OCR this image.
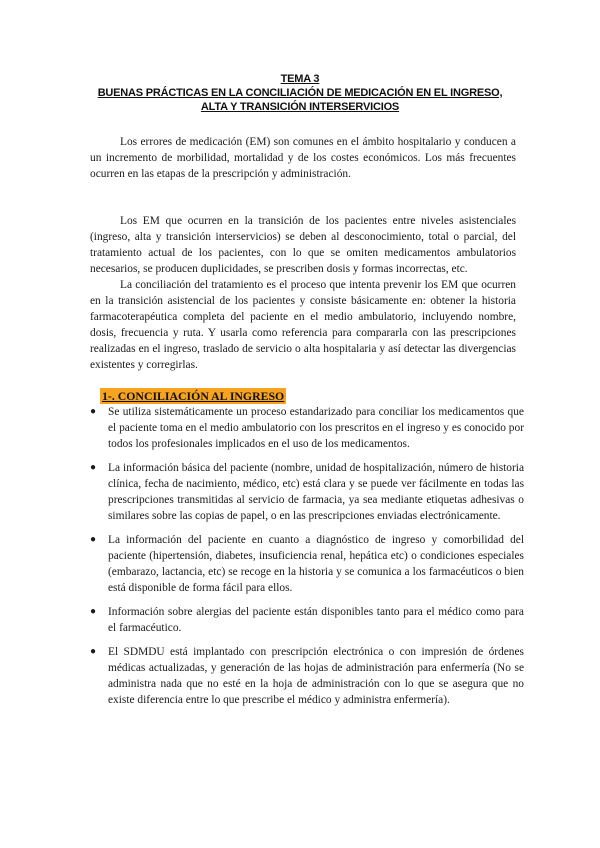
TEMA 3
BUENAS PRÁCTICAS EN LA CONCILIACIÓN DE MEDICACIÓN EN EL INGRESO, ALTA Y TRANSICIÓN INTERSERVICIOS

Los errores de medicación (EM) son comunes en el ámbito hospitalario y conducen a un incremento de morbilidad, mortalidad y de los costes económicos. Los más frecuentes ocurren en las etapas de la prescripción y administración.

Los EM que ocurren en la transición de los pacientes entre niveles asistenciales (ingreso, alta y transición interservicios) se deben al desconocimiento, total o parcial, del tratamiento actual de los pacientes, con lo que se omiten medicamentos ambulatorios necesarios, se producen duplicidades, se prescriben dosis y formas incorrectas, etc.

La conciliación del tratamiento es el proceso que intenta prevenir los EM que ocurren en la transición asistencial de los pacientes y consiste básicamente en: obtener la historia farmacoterapéutica completa del paciente en el medio ambulatorio, incluyendo nombre, dosis, frecuencia y ruta. Y usarla como referencia para compararla con las prescripciones realizadas en el ingreso, traslado de servicio o alta hospitalaria y así detectar las divergencias existentes y corregirlas.

1-. CONCILIACIÓN AL INGRESO
●	Se utiliza sistemáticamente un proceso estandarizado para conciliar los medicamentos que el paciente toma en el medio ambulatorio con los prescritos en el ingreso y es conocido por todos los profesionales implicados en el uso de los medicamentos.
●	La información básica del paciente (nombre, unidad de hospitalización, número de historia clínica, fecha de nacimiento, médico, etc) está clara y se puede ver fácilmente en todas las prescripciones transmitidas al servicio de farmacia, ya sea mediante etiquetas adhesivas o similares sobre las copias de papel, o en las prescripciones enviadas electrónicamente.
●	La información del paciente en cuanto a diagnóstico de ingreso y comorbilidad del paciente (hipertensión, diabetes, insuficiencia renal, hepática etc) o condiciones especiales (embarazo, lactancia, etc) se recoge en la historia y se comunica a los farmacéuticos o bien está disponible de forma fácil para ellos.
●	Información sobre alergias del paciente están disponibles tanto para el médico como para el farmacéutico.
●	El SDMDU está implantado con prescripción electrónica o con impresión de órdenes médicas actualizadas, y generación de las hojas de administración para enfermería (No se administra nada que no esté en la hoja de administración con lo que se asegura que no existe diferencia entre lo que prescribe el médico y administra enfermería).
